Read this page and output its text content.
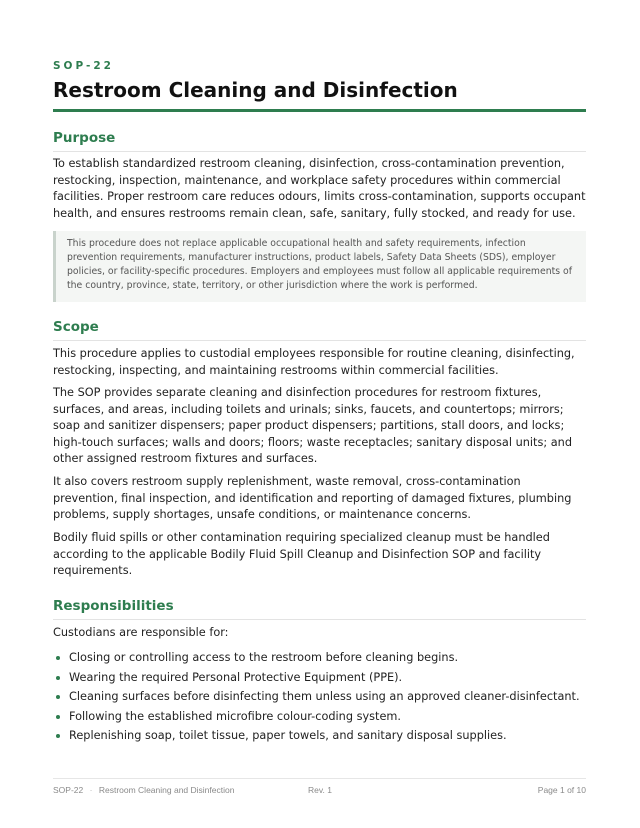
SOP-22
Restroom Cleaning and Disinfection
Purpose

To establish standardized restroom cleaning, disinfection, cross-contamination prevention, restocking, inspection, maintenance, and workplace safety procedures within commercial facilities. Proper restroom care reduces odours, limits cross-contamination, supports occupant health, and ensures restrooms remain clean, safe, sanitary, fully stocked, and ready for use.

This procedure does not replace applicable occupational health and safety requirements, infection prevention requirements, manufacturer instructions, product labels, Safety Data Sheets (SDS), employer policies, or facility-specific procedures. Employers and employees must follow all applicable requirements of the country, province, state, territory, or other jurisdiction where the work is performed.

Scope

This procedure applies to custodial employees responsible for routine cleaning, disinfecting, restocking, inspecting, and maintaining restrooms within commercial facilities.

The SOP provides separate cleaning and disinfection procedures for restroom fixtures, surfaces, and areas, including toilets and urinals; sinks, faucets, and countertops; mirrors; soap and sanitizer dispensers; paper product dispensers; partitions, stall doors, and locks; high-touch surfaces; walls and doors; floors; waste receptacles; sanitary disposal units; and other assigned restroom fixtures and surfaces.

It also covers restroom supply replenishment, waste removal, cross-contamination prevention, final inspection, and identification and reporting of damaged fixtures, plumbing problems, supply shortages, unsafe conditions, or maintenance concerns.

Bodily fluid spills or other contamination requiring specialized cleanup must be handled according to the applicable Bodily Fluid Spill Cleanup and Disinfection SOP and facility requirements.

Responsibilities

Custodians are responsible for:

Closing or controlling access to the restroom before cleaning begins.
Wearing the required Personal Protective Equipment (PPE).
Cleaning surfaces before disinfecting them unless using an approved cleaner-disinfectant.
Following the established microfibre colour-coding system.
Replenishing soap, toilet tissue, paper towels, and sanitary disposal supplies.
SOP-22 · Restroom Cleaning and Disinfection	Rev. 1	Page 1 of 10
